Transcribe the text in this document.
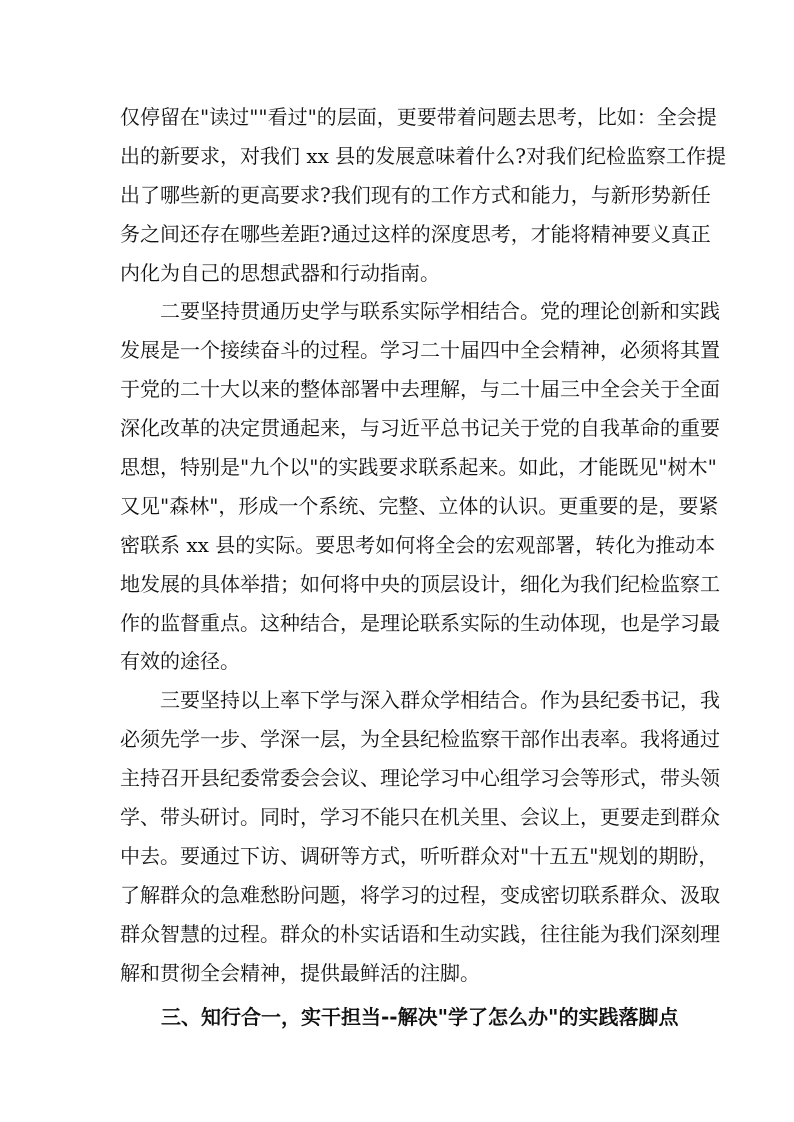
仅停留在"读过""看过"的层面，更要带着问题去思考，比如：全会提
出的新要求，对我们 xx 县的发展意味着什么?对我们纪检监察工作提
出了哪些新的更高要求?我们现有的工作方式和能力，与新形势新任
务之间还存在哪些差距?通过这样的深度思考，才能将精神要义真正
内化为自己的思想武器和行动指南。
二要坚持贯通历史学与联系实际学相结合。党的理论创新和实践
发展是一个接续奋斗的过程。学习二十届四中全会精神，必须将其置
于党的二十大以来的整体部署中去理解，与二十届三中全会关于全面
深化改革的决定贯通起来，与习近平总书记关于党的自我革命的重要
思想，特别是"九个以"的实践要求联系起来。如此，才能既见"树木"
又见"森林"，形成一个系统、完整、立体的认识。更重要的是，要紧
密联系 xx 县的实际。要思考如何将全会的宏观部署，转化为推动本
地发展的具体举措；如何将中央的顶层设计，细化为我们纪检监察工
作的监督重点。这种结合，是理论联系实际的生动体现，也是学习最
有效的途径。
三要坚持以上率下学与深入群众学相结合。作为县纪委书记，我
必须先学一步、学深一层，为全县纪检监察干部作出表率。我将通过
主持召开县纪委常委会会议、理论学习中心组学习会等形式，带头领
学、带头研讨。同时，学习不能只在机关里、会议上，更要走到群众
中去。要通过下访、调研等方式，听听群众对"十五五"规划的期盼，
了解群众的急难愁盼问题，将学习的过程，变成密切联系群众、汲取
群众智慧的过程。群众的朴实话语和生动实践，往往能为我们深刻理
解和贯彻全会精神，提供最鲜活的注脚。
三、知行合一，实干担当--解决"学了怎么办"的实践落脚点
